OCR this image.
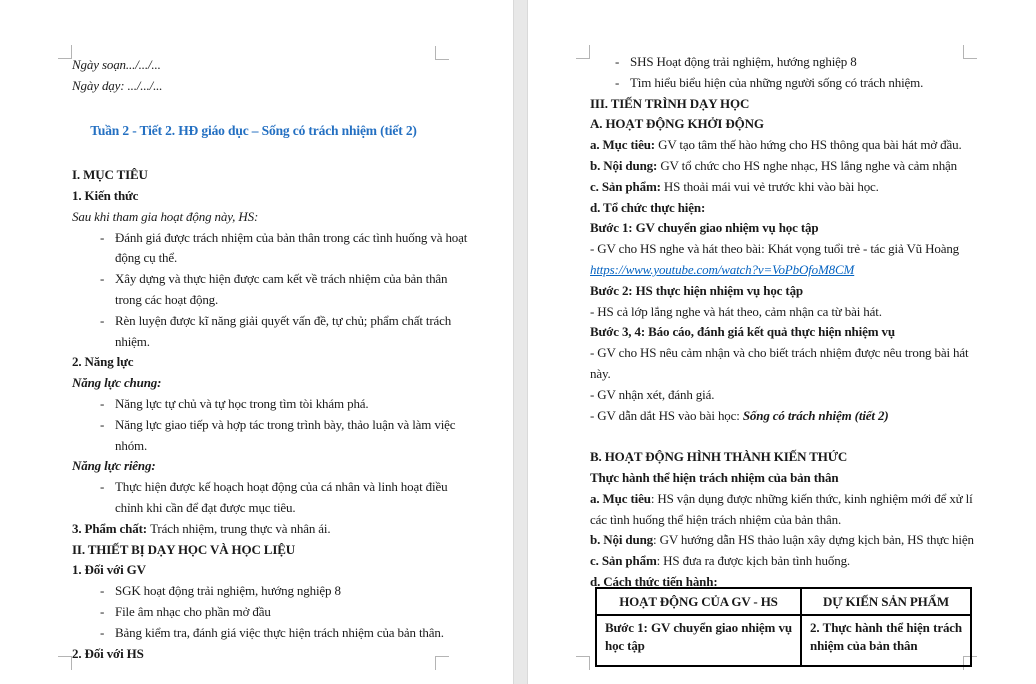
Ngày soạn.../.../...
Ngày dạy: .../.../...
Tuần 2 - Tiết 2. HĐ giáo dục – Sống có trách nhiệm (tiết 2)
I. MỤC TIÊU
1. Kiến thức
Sau khi tham gia hoạt động này, HS:
- Đánh giá được trách nhiệm của bản thân trong các tình huống và hoạt
động cụ thể.
- Xây dựng và thực hiện được cam kết về trách nhiệm của bản thân
trong các hoạt động.
- Rèn luyện được kĩ năng giải quyết vấn đề, tự chủ; phẩm chất trách
nhiệm.
2. Năng lực
Năng lực chung:
- Năng lực tự chủ và tự học trong tìm tòi khám phá.
- Năng lực giao tiếp và hợp tác trong trình bày, thảo luận và làm việc
nhóm.
Năng lực riêng:
- Thực hiện được kế hoạch hoạt động của cá nhân và linh hoạt điều
chỉnh khi cần để đạt được mục tiêu.
3. Phẩm chất: Trách nhiệm, trung thực và nhân ái.
II. THIẾT BỊ DẠY HỌC VÀ HỌC LIỆU
1. Đối với GV
- SGK hoạt động trải nghiệm, hướng nghiệp 8
- File âm nhạc cho phần mở đầu
- Bảng kiểm tra, đánh giá việc thực hiện trách nhiệm của bản thân.
2. Đối với HS
- SHS Hoạt động trải nghiệm, hướng nghiệp 8
- Tìm hiểu biểu hiện của những người sống có trách nhiệm.
III. TIẾN TRÌNH DẠY HỌC
A. HOẠT ĐỘNG KHỞI ĐỘNG
a. Mục tiêu: GV tạo tâm thế hào hứng cho HS thông qua bài hát mở đầu.
b. Nội dung: GV tổ chức cho HS nghe nhạc, HS lắng nghe và cảm nhận
c. Sản phẩm: HS thoải mái vui vẻ trước khi vào bài học.
d. Tổ chức thực hiện:
Bước 1: GV chuyển giao nhiệm vụ học tập
- GV cho HS nghe và hát theo bài: Khát vọng tuổi trẻ - tác giả Vũ Hoàng
https://www.youtube.com/watch?v=VoPbOfoM8CM
Bước 2: HS thực hiện nhiệm vụ học tập
- HS cả lớp lắng nghe và hát theo, cảm nhận ca từ bài hát.
Bước 3, 4: Báo cáo, đánh giá kết quả thực hiện nhiệm vụ
- GV cho HS nêu cảm nhận và cho biết trách nhiệm được nêu trong bài hát
này.
- GV nhận xét, đánh giá.
- GV dẫn dắt HS vào bài học: Sống có trách nhiệm (tiết 2)
B. HOẠT ĐỘNG HÌNH THÀNH KIẾN THỨC
Thực hành thể hiện trách nhiệm của bản thân
a. Mục tiêu: HS vận dụng được những kiến thức, kinh nghiệm mới để xử lí
các tình huống thể hiện trách nhiệm của bản thân.
b. Nội dung: GV hướng dẫn HS thảo luận xây dựng kịch bản, HS thực hiện
c. Sản phẩm: HS đưa ra được kịch bản tình huống.
d. Cách thức tiến hành:
HOẠT ĐỘNG CỦA GV - HS	DỰ KIẾN SẢN PHẨM
Bước 1: GV chuyển giao nhiệm vụ học tập	2. Thực hành thể hiện trách nhiệm của bản thân
